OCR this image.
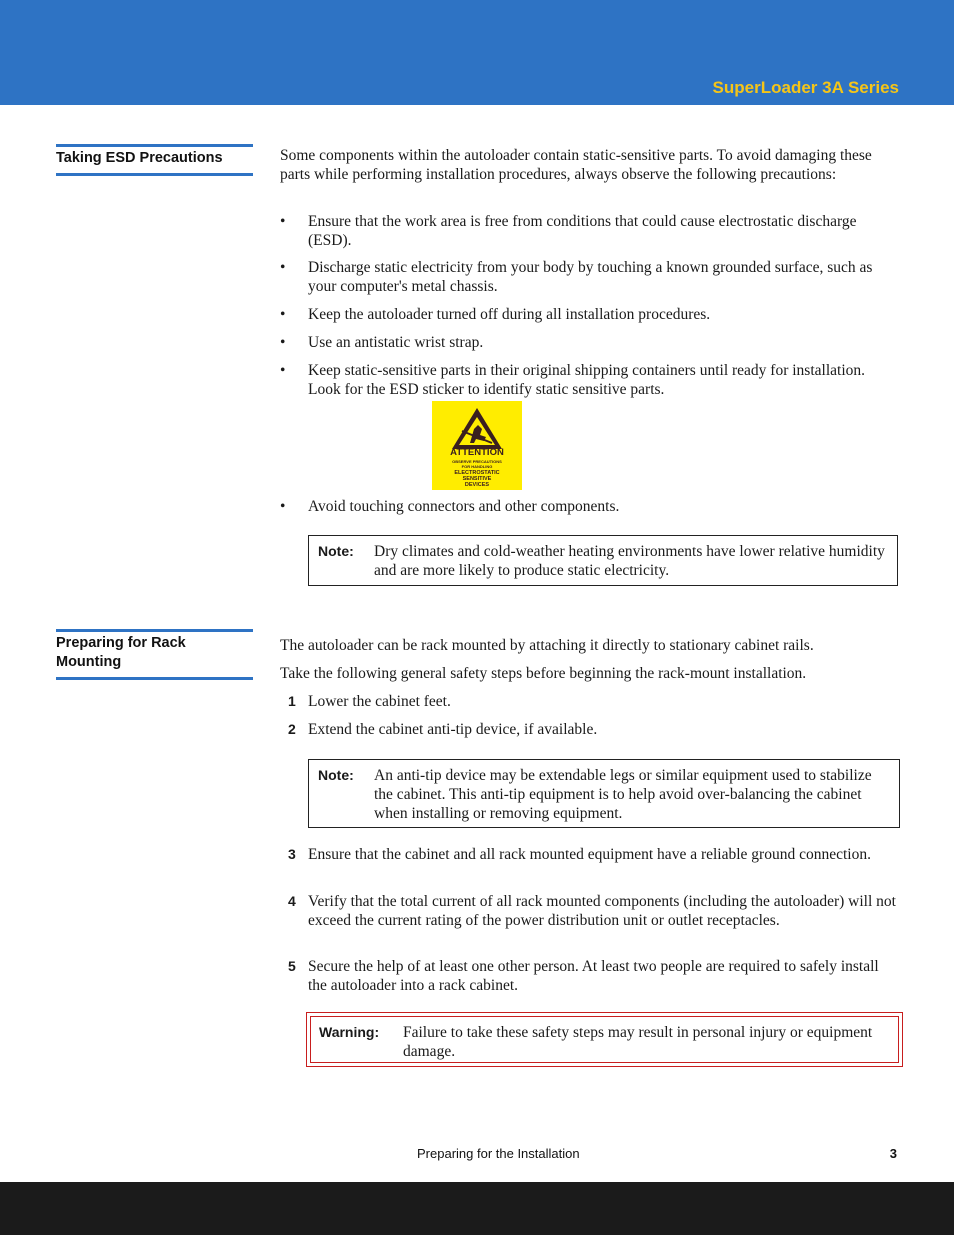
SuperLoader 3A Series
Taking ESD Precautions	Some components within the autoloader contain static-sensitive parts. To avoid damaging these parts while performing installation procedures, always observe the following precautions:

•	Ensure that the work area is free from conditions that could cause electrostatic discharge (ESD).
•	Discharge static electricity from your body by touching a known grounded surface, such as your computer's metal chassis.
•	Keep the autoloader turned off during all installation procedures.
•	Use an antistatic wrist strap.
•	Keep static-sensitive parts in their original shipping containers until ready for installation. Look for the ESD sticker to identify static sensitive parts.
ATTENTION
OBSERVE PRECAUTIONS
FOR HANDLING
ELECTROSTATIC
SENSITIVE
DEVICES
•	Avoid touching connectors and other components.
Note: Dry climates and cold-weather heating environments have lower relative humidity and are more likely to produce static electricity.
Preparing for Rack Mounting

The autoloader can be rack mounted by attaching it directly to stationary cabinet rails.

Take the following general safety steps before beginning the rack-mount installation.

1 Lower the cabinet feet.
2 Extend the cabinet anti-tip device, if available.
Note: An anti-tip device may be extendable legs or similar equipment used to stabilize the cabinet. This anti-tip equipment is to help avoid over-balancing the cabinet when installing or removing equipment.
3 Ensure that the cabinet and all rack mounted equipment have a reliable ground connection.
4 Verify that the total current of all rack mounted components (including the autoloader) will not exceed the current rating of the power distribution unit or outlet receptacles.
5 Secure the help of at least one other person. At least two people are required to safely install the autoloader into a rack cabinet.
Warning: Failure to take these safety steps may result in personal injury or equipment damage.
Preparing for the Installation	3
